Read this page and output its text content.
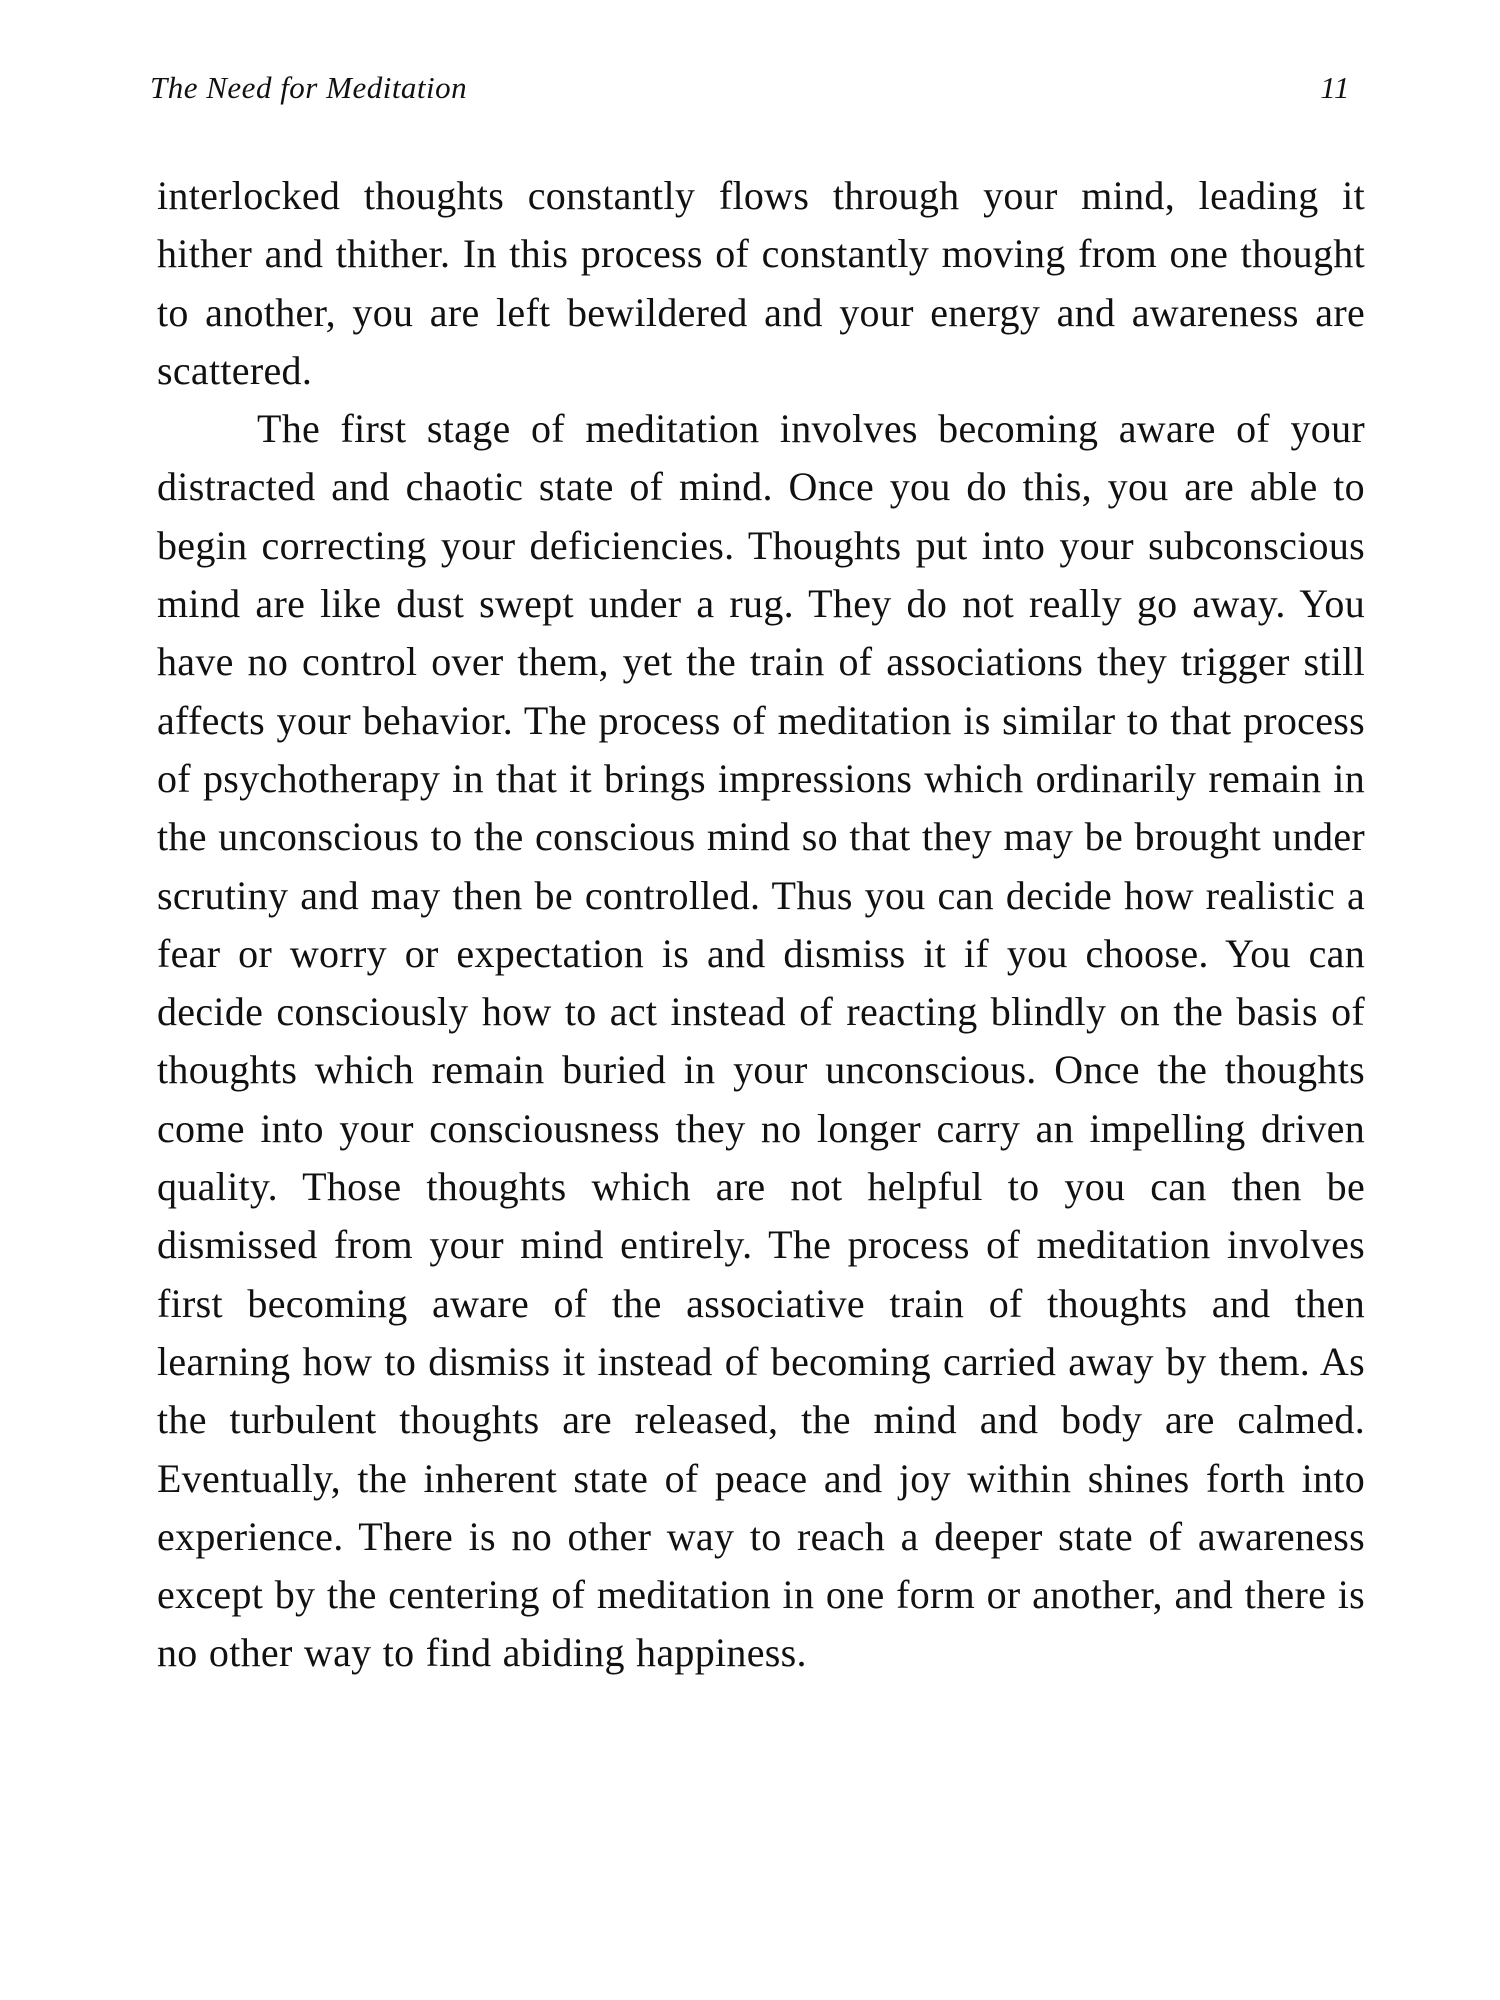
The Need for Meditation	11

interlocked thoughts constantly flows through your mind, leading it hither and thither. In this process of constantly moving from one thought to another, you are left bewildered and your energy and awareness are scattered.

The first stage of meditation involves becoming aware of your distracted and chaotic state of mind. Once you do this, you are able to begin correcting your deficiencies. Thoughts put into your subconscious mind are like dust swept under a rug. They do not really go away. You have no control over them, yet the train of associations they trigger still affects your behavior. The process of meditation is similar to that process of psychotherapy in that it brings impressions which ordinarily remain in the unconscious to the conscious mind so that they may be brought under scrutiny and may then be controlled. Thus you can decide how realistic a fear or worry or expectation is and dismiss it if you choose. You can decide consciously how to act instead of reacting blindly on the basis of thoughts which remain buried in your unconscious. Once the thoughts come into your consciousness they no longer carry an impelling driven quality. Those thoughts which are not helpful to you can then be dismissed from your mind entirely. The process of meditation involves first becoming aware of the associative train of thoughts and then learning how to dismiss it instead of becoming carried away by them. As the turbulent thoughts are released, the mind and body are calmed. Eventually, the inherent state of peace and joy within shines forth into experience. There is no other way to reach a deeper state of awareness except by the centering of meditation in one form or another, and there is no other way to find abiding happiness.
